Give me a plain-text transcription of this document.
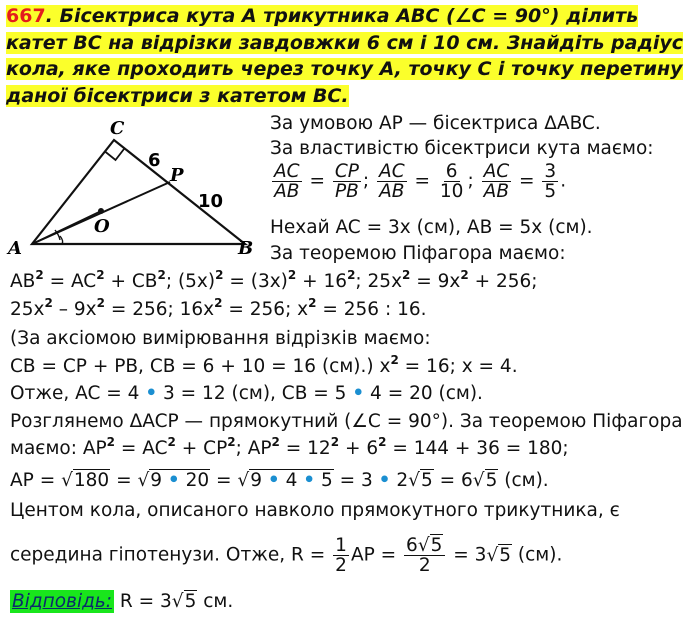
667. Бісектриса кута A трикутника ABC (∠C = 90°) ділить катет BC на відрізки завдовжки 6 см і 10 см. Знайдіть радіус кола, яке проходить через точку A, точку C і точку перетину даної бісектриси з катетом BC.
C
6
P
10
O
A	B
За умовою AP — бісектриса ΔABC.
За властивістю бісектриси кута маємо:
$\frac{AC}{AB} = \frac{CP}{PB}$ ; $\frac{AC}{AB} = \frac{6}{10}$ ; $\frac{AC}{AB} = \frac{3}{5}$ .
Нехай AC = 3x (см), AB = 5x (см).
За теоремою Піфагора маємо:
$AB^2 = AC^2 + CB^2$; $(5x)^2 = (3x)^2 + 16^2$; $25x^2 = 9x^2 + 256$;
$25x^2 - 9x^2 = 256$; $16x^2 = 256$; $x^2 = 256$ : 16.
(За аксіомою вимірювання відрізків маємо:
CB = CP + PB, CB = 6 + 10 = 16 (см).) $x^2 = 16$; x = 4.
Отже, AC = 4 • 3 = 12 (см), CB = 5 • 4 = 20 (см).
Розглянемо ΔACP — прямокутний (∠C = 90°). За теоремою Піфагора
маємо: $AP^2 = AC^2 + CP^2$; $AP^2 = 12^2 + 6^2 = 144 + 36 = 180$;
AP = √180 = √9 • 20 = √9 • 4 • 5 = 3 • 2√5 = 6√5 (см).
Центом кола, описаного навколо прямокутного трикутника, є
середина гіпотенузи. Отже, $R = \frac{1}{2}$ AP = $\frac{6√5}{2} = 3√5$ (см).
Відповідь: R = 3√5 см.
